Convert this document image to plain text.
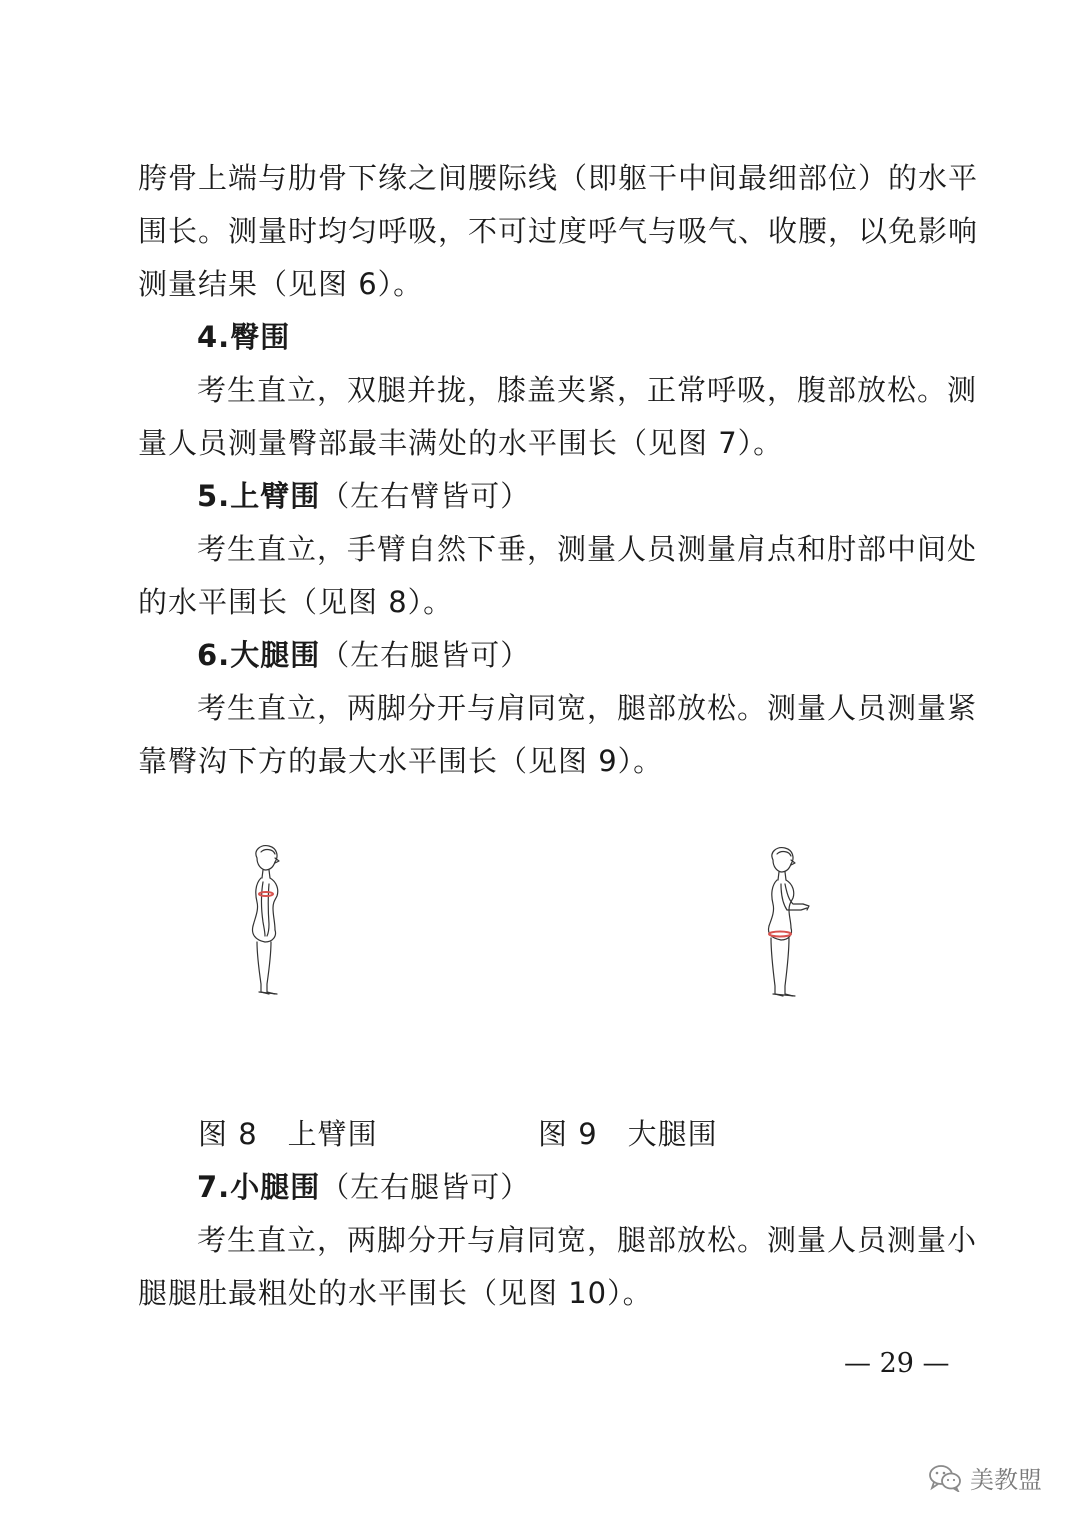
胯骨上端与肋骨下缘之间腰际线（即躯干中间最细部位）的水平
围长。测量时均匀呼吸，不可过度呼气与吸气、收腰，以免影响
测量结果（见图 6）。
4.臀围
考生直立，双腿并拢，膝盖夹紧，正常呼吸，腹部放松。测
量人员测量臀部最丰满处的水平围长（见图 7）。
5.上臂围（左右臂皆可）
考生直立，手臂自然下垂，测量人员测量肩点和肘部中间处
的水平围长（见图 8）。
6.大腿围（左右腿皆可）
考生直立，两脚分开与肩同宽，腿部放松。测量人员测量紧
靠臀沟下方的最大水平围长（见图 9）。
图 8　上臂围	图 9　大腿围
7.小腿围（左右腿皆可）
考生直立，两脚分开与肩同宽，腿部放松。测量人员测量小
腿腿肚最粗处的水平围长（见图 10）。
— 29 —
美教盟
